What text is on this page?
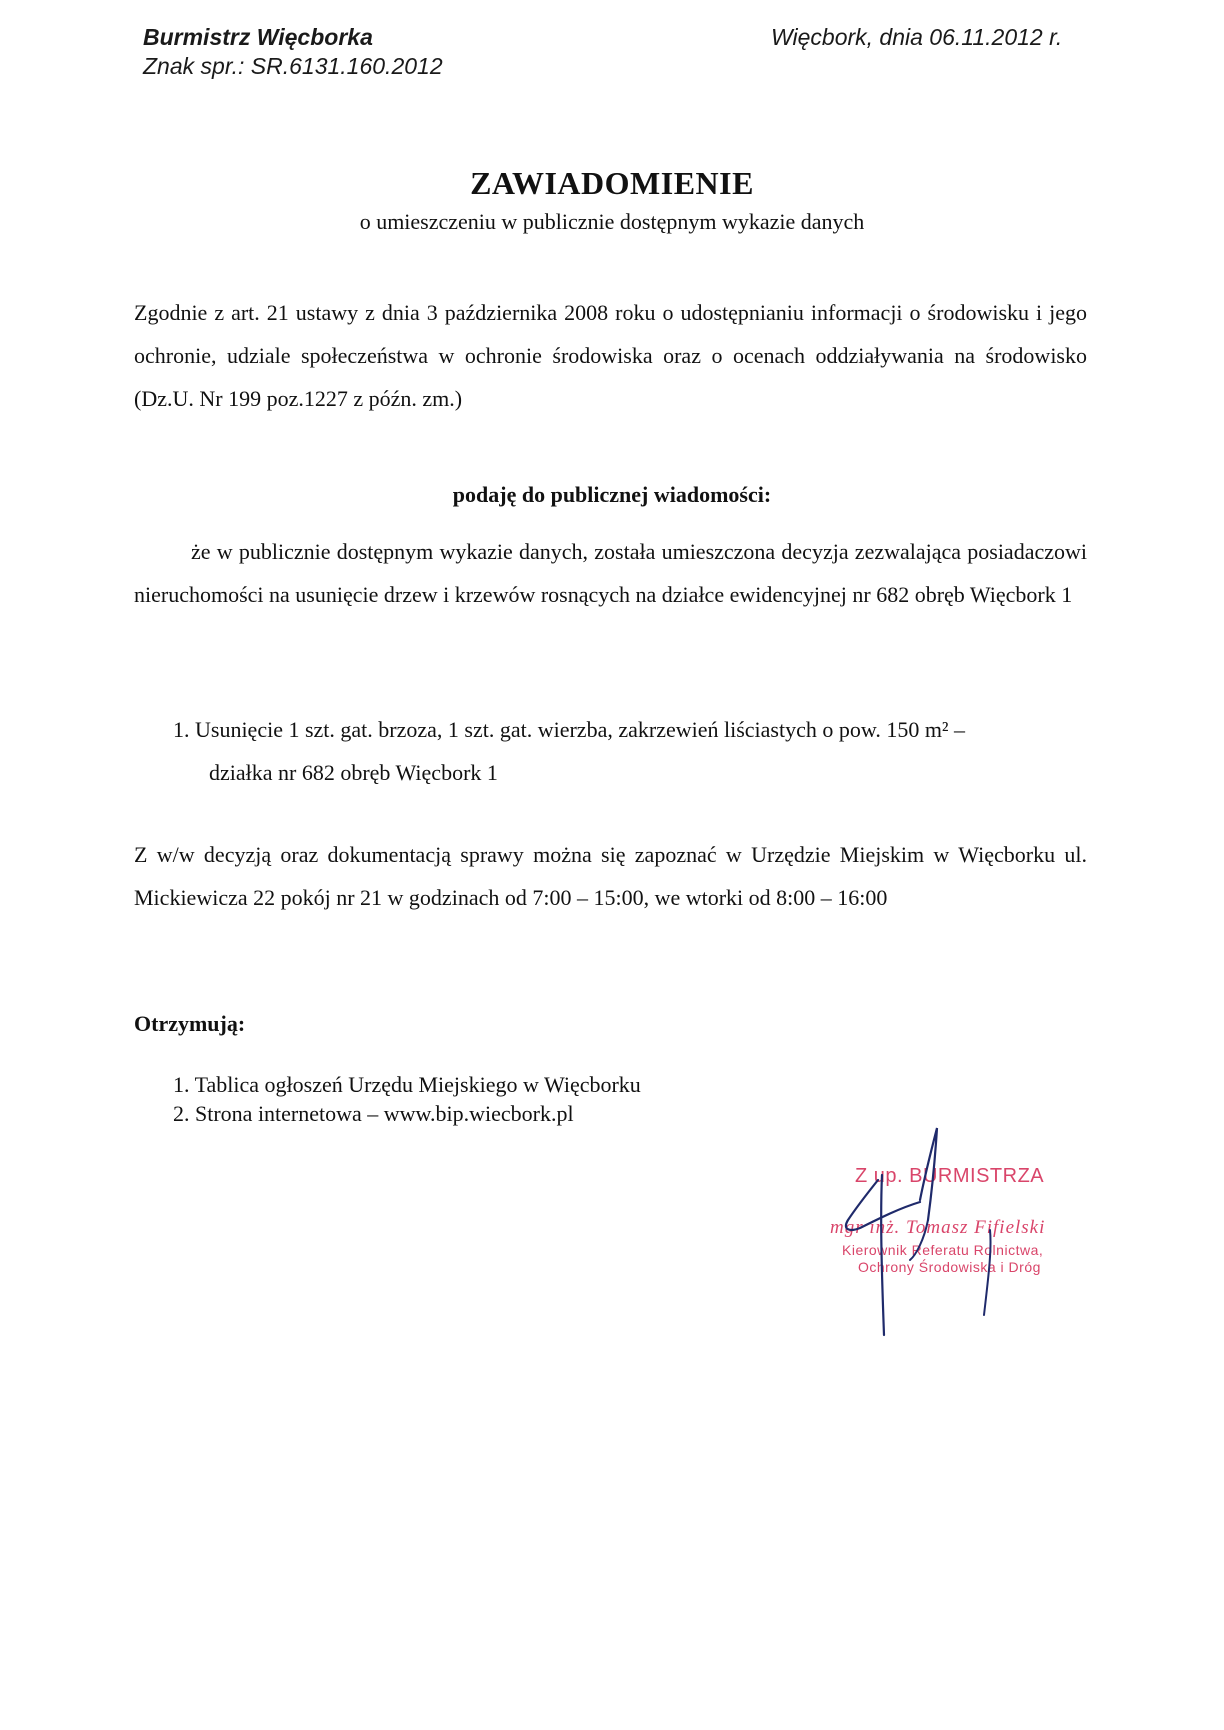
Burmistrz Więcborka
Znak spr.: SR.6131.160.2012
Więcbork, dnia 06.11.2012 r.
ZAWIADOMIENIE
o umieszczeniu w publicznie dostępnym wykazie danych
Zgodnie z art. 21 ustawy z dnia 3 października 2008 roku o udostępnianiu informacji o środowisku i jego ochronie, udziale społeczeństwa w ochronie środowiska oraz o ocenach oddziaływania na środowisko (Dz.U. Nr 199 poz.1227 z późn. zm.)
podaję do publicznej wiadomości:
że w publicznie dostępnym wykazie danych, została umieszczona decyzja zezwalająca posiadaczowi nieruchomości na usunięcie drzew i krzewów rosnących na działce ewidencyjnej nr 682 obręb Więcbork 1
1. Usunięcie 1 szt. gat. brzoza, 1 szt. gat. wierzba, zakrzewień liściastych o pow. 150 m² –
działka nr 682 obręb Więcbork 1
Z w/w decyzją oraz dokumentacją sprawy można się zapoznać w Urzędzie Miejskim w Więcborku ul. Mickiewicza 22 pokój nr 21 w godzinach od 7:00 – 15:00, we wtorki od 8:00 – 16:00
Otrzymują:
1. Tablica ogłoszeń Urzędu Miejskiego w Więcborku
2. Strona internetowa – www.bip.wiecbork.pl
Z up. BURMISTRZA
mgr inż. Tomasz Fifielski
Kierownik Referatu Rolnictwa,
Ochrony Środowiska i Dróg
